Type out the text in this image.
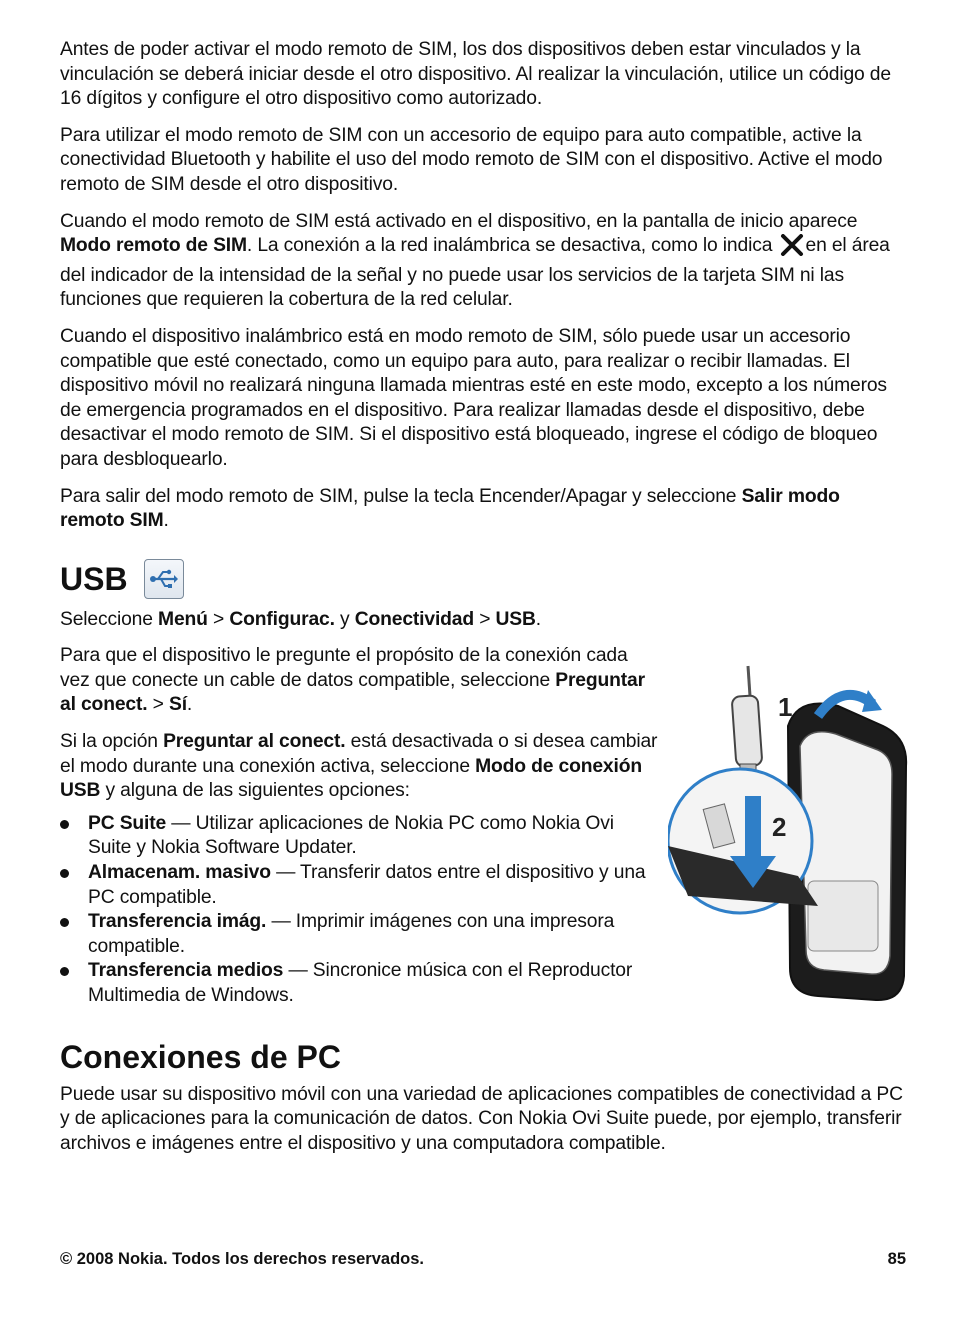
Antes de poder activar el modo remoto de SIM, los dos dispositivos deben estar vinculados y la vinculación se deberá iniciar desde el otro dispositivo. Al realizar la vinculación, utilice un código de 16 dígitos y configure el otro dispositivo como autorizado.

Para utilizar el modo remoto de SIM con un accesorio de equipo para auto compatible, active la conectividad Bluetooth y habilite el uso del modo remoto de SIM con el dispositivo. Active el modo remoto de SIM desde el otro dispositivo.

Cuando el modo remoto de SIM está activado en el dispositivo, en la pantalla de inicio aparece Modo remoto de SIM. La conexión a la red inalámbrica se desactiva, como lo indica en el área del indicador de la intensidad de la señal y no puede usar los servicios de la tarjeta SIM ni las funciones que requieren la cobertura de la red celular.

Cuando el dispositivo inalámbrico está en modo remoto de SIM, sólo puede usar un accesorio compatible que esté conectado, como un equipo para auto, para realizar o recibir llamadas. El dispositivo móvil no realizará ninguna llamada mientras esté en este modo, excepto a los números de emergencia programados en el dispositivo. Para realizar llamadas desde el dispositivo, debe desactivar el modo remoto de SIM. Si el dispositivo está bloqueado, ingrese el código de bloqueo para desbloquearlo.

Para salir del modo remoto de SIM, pulse la tecla Encender/Apagar y seleccione Salir modo remoto SIM.

USB

Seleccione Menú > Configurac. y Conectividad > USB.

Para que el dispositivo le pregunte el propósito de la conexión cada vez que conecte un cable de datos compatible, seleccione Preguntar al conect. > Sí.

Si la opción Preguntar al conect. está desactivada o si desea cambiar el modo durante una conexión activa, seleccione Modo de conexión USB y alguna de las siguientes opciones:

PC Suite — Utilizar aplicaciones de Nokia PC como Nokia Ovi Suite y Nokia Software Updater.

Almacenam. masivo — Transferir datos entre el dispositivo y una PC compatible.

Transferencia imág. — Imprimir imágenes con una impresora compatible.

Transferencia medios — Sincronice música con el Reproductor Multimedia de Windows.

1
2
Conexiones de PC

Puede usar su dispositivo móvil con una variedad de aplicaciones compatibles de conectividad a PC y de aplicaciones para la comunicación de datos. Con Nokia Ovi Suite puede, por ejemplo, transferir archivos e imágenes entre el dispositivo y una computadora compatible.

© 2008 Nokia. Todos los derechos reservados.	85
